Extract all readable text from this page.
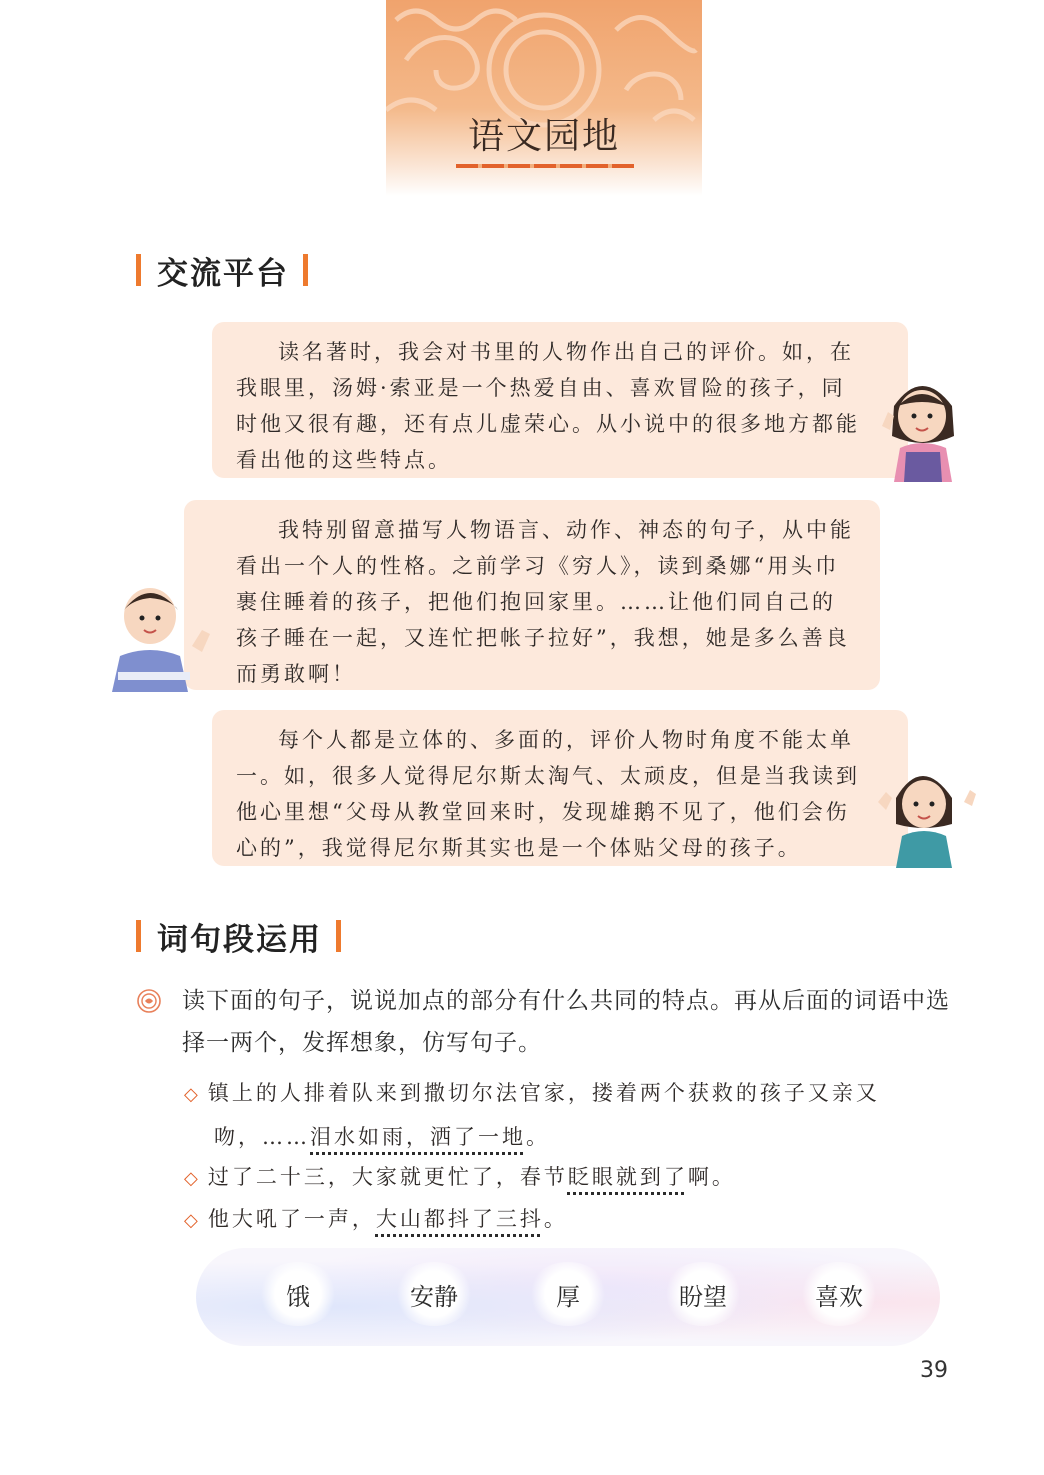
语文园地
交流平台

读名著时，我会对书里的人物作出自己的评价。如，在我眼里，汤姆·索亚是一个热爱自由、喜欢冒险的孩子，同时他又很有趣，还有点儿虚荣心。从小说中的很多地方都能看出他的这些特点。

我特别留意描写人物语言、动作、神态的句子，从中能看出一个人的性格。之前学习《穷人》，读到桑娜“用头巾裹住睡着的孩子，把他们抱回家里。……让他们同自己的孩子睡在一起，又连忙把帐子拉好”，我想，她是多么善良而勇敢啊！

每个人都是立体的、多面的，评价人物时角度不能太单一。如，很多人觉得尼尔斯太淘气、太顽皮，但是当我读到他心里想“父母从教堂回来时，发现雄鹅不见了，他们会伤心的”，我觉得尼尔斯其实也是一个体贴父母的孩子。

词句段运用
读下面的句子，说说加点的部分有什么共同的特点。再从后面的词语中选择一两个，发挥想象，仿写句子。
◇ 镇上的人排着队来到撒切尔法官家，搂着两个获救的孩子又亲又
吻，……泪水如雨，洒了一地。
◇ 过了二十三，大家就更忙了，春节眨眼就到了啊。
◇ 他大吼了一声，大山都抖了三抖。
饿	安静	厚	盼望	喜欢
39
